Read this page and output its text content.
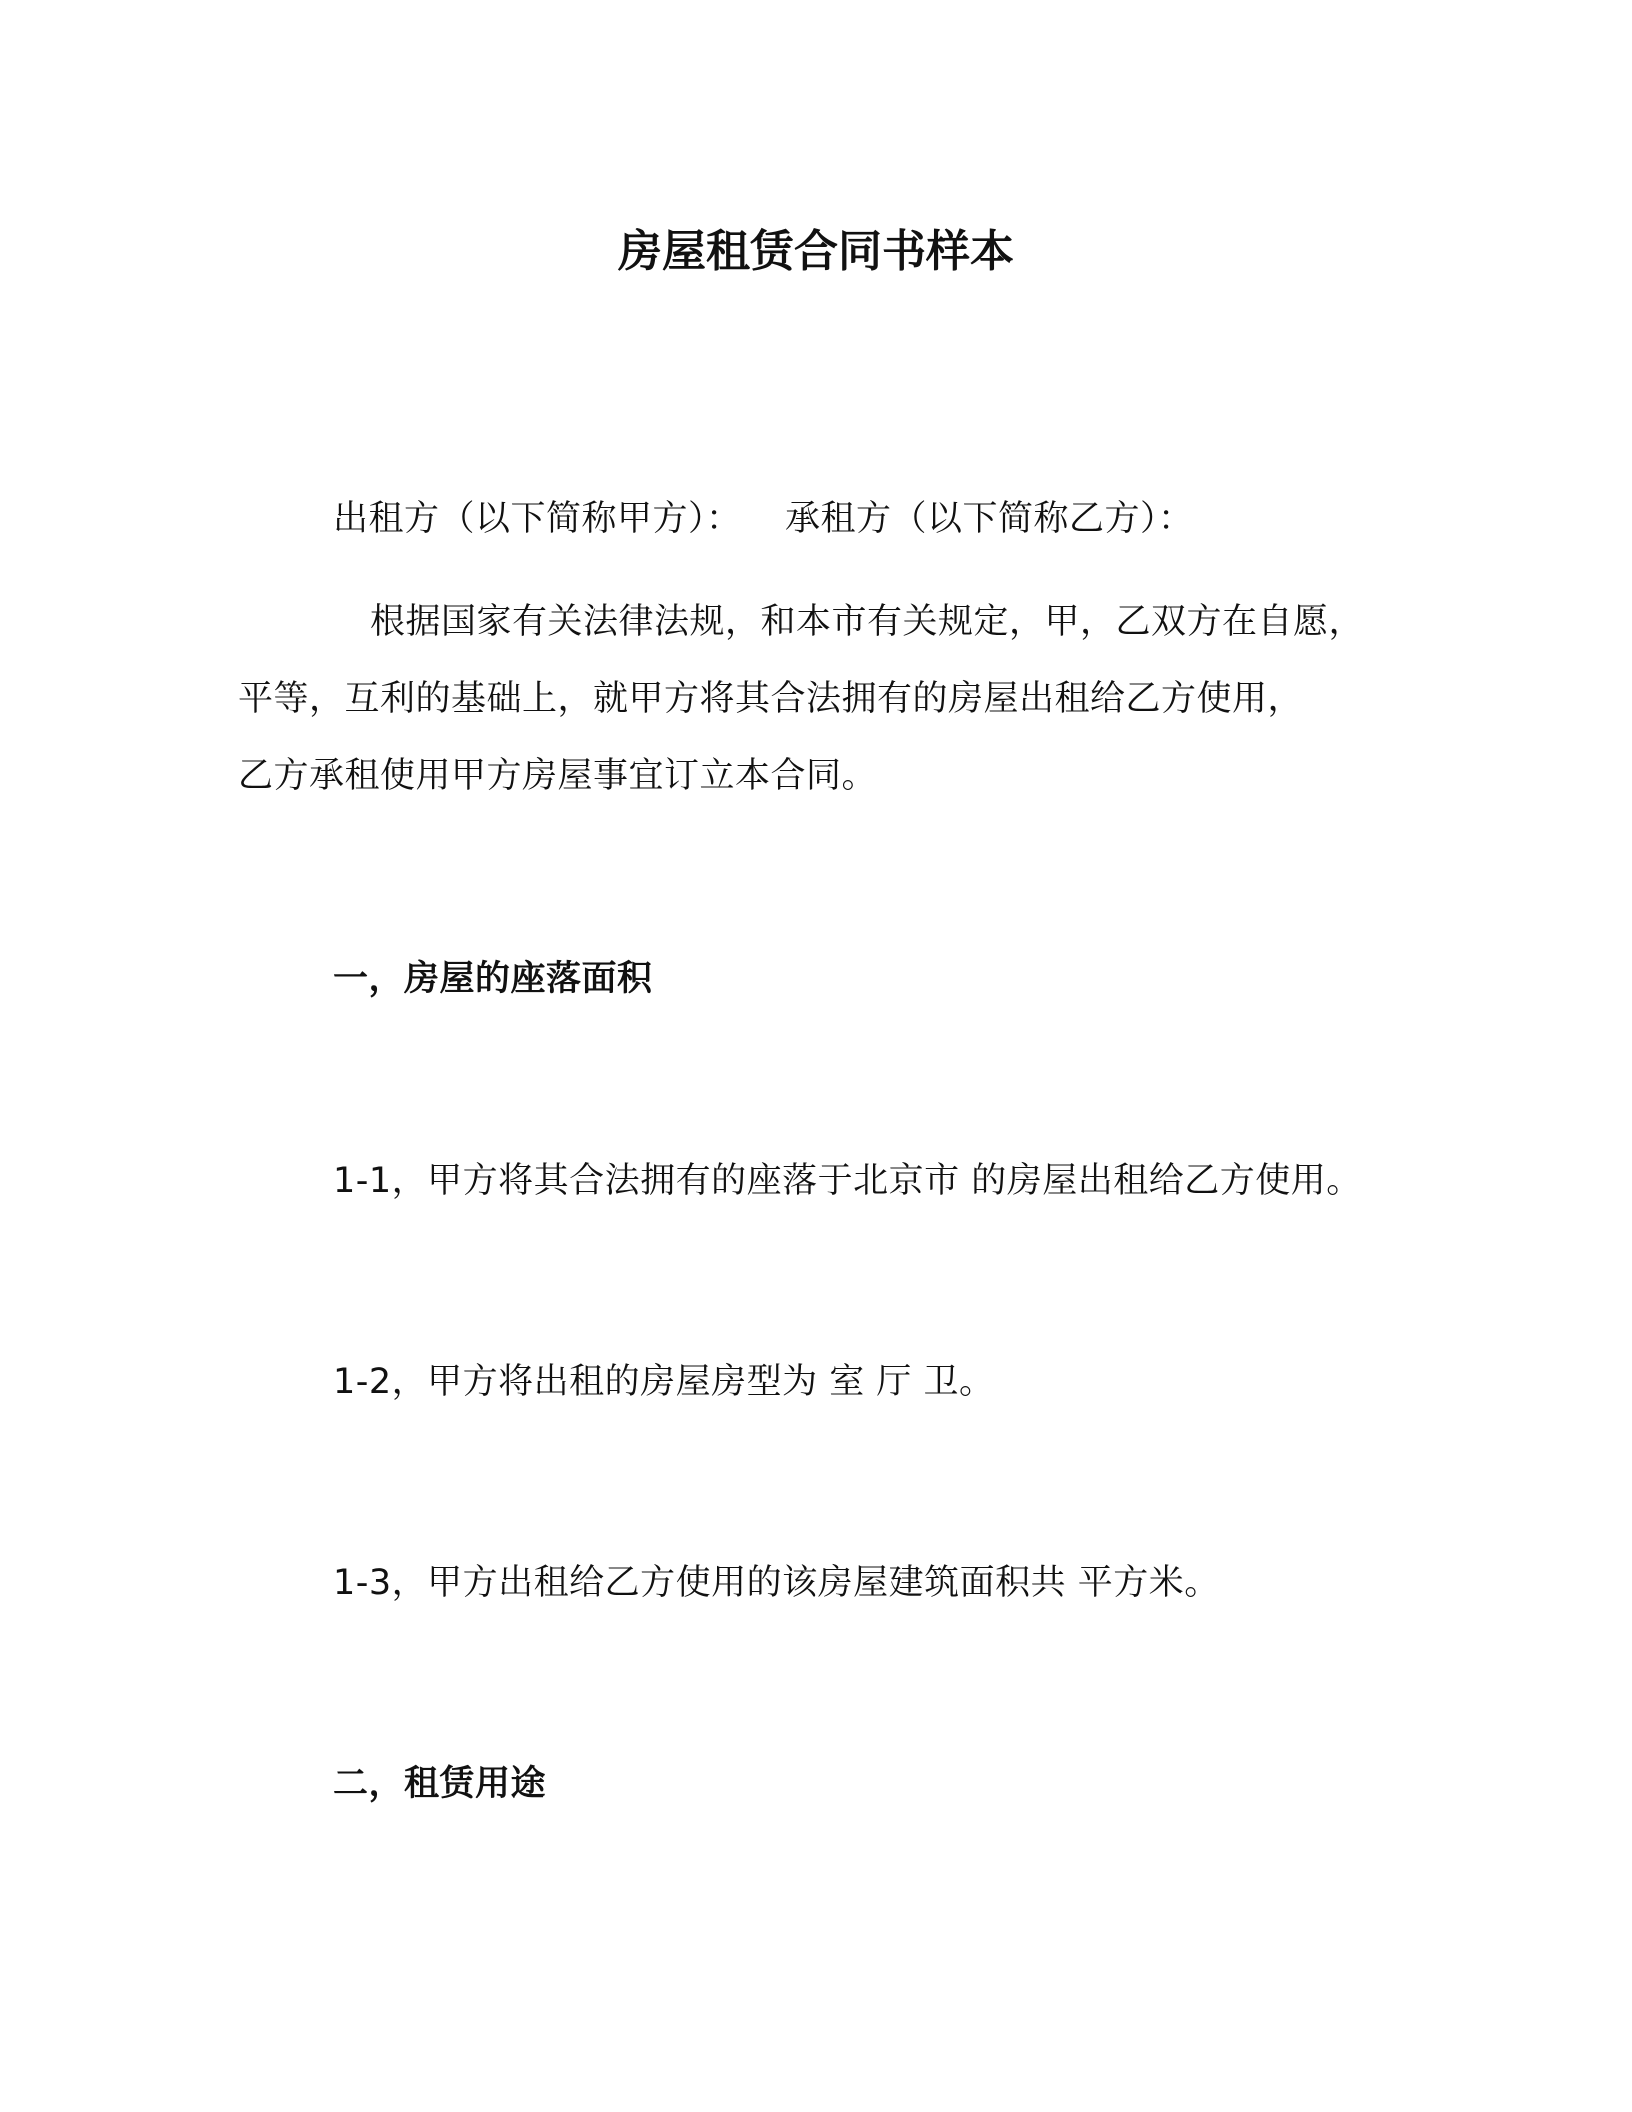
房屋租赁合同书样本
出租方（以下简称甲方）： 承租方（以下简称乙方）：
根据国家有关法律法规，和本市有关规定，甲，乙双方在自愿，
平等，互利的基础上，就甲方将其合法拥有的房屋出租给乙方使用，
乙方承租使用甲方房屋事宜订立本合同。
一，房屋的座落面积
1-1，甲方将其合法拥有的座落于北京市 的房屋出租给乙方使用。
1-2，甲方将出租的房屋房型为 室 厅 卫。
1-3，甲方出租给乙方使用的该房屋建筑面积共 平方米。
二，租赁用途
